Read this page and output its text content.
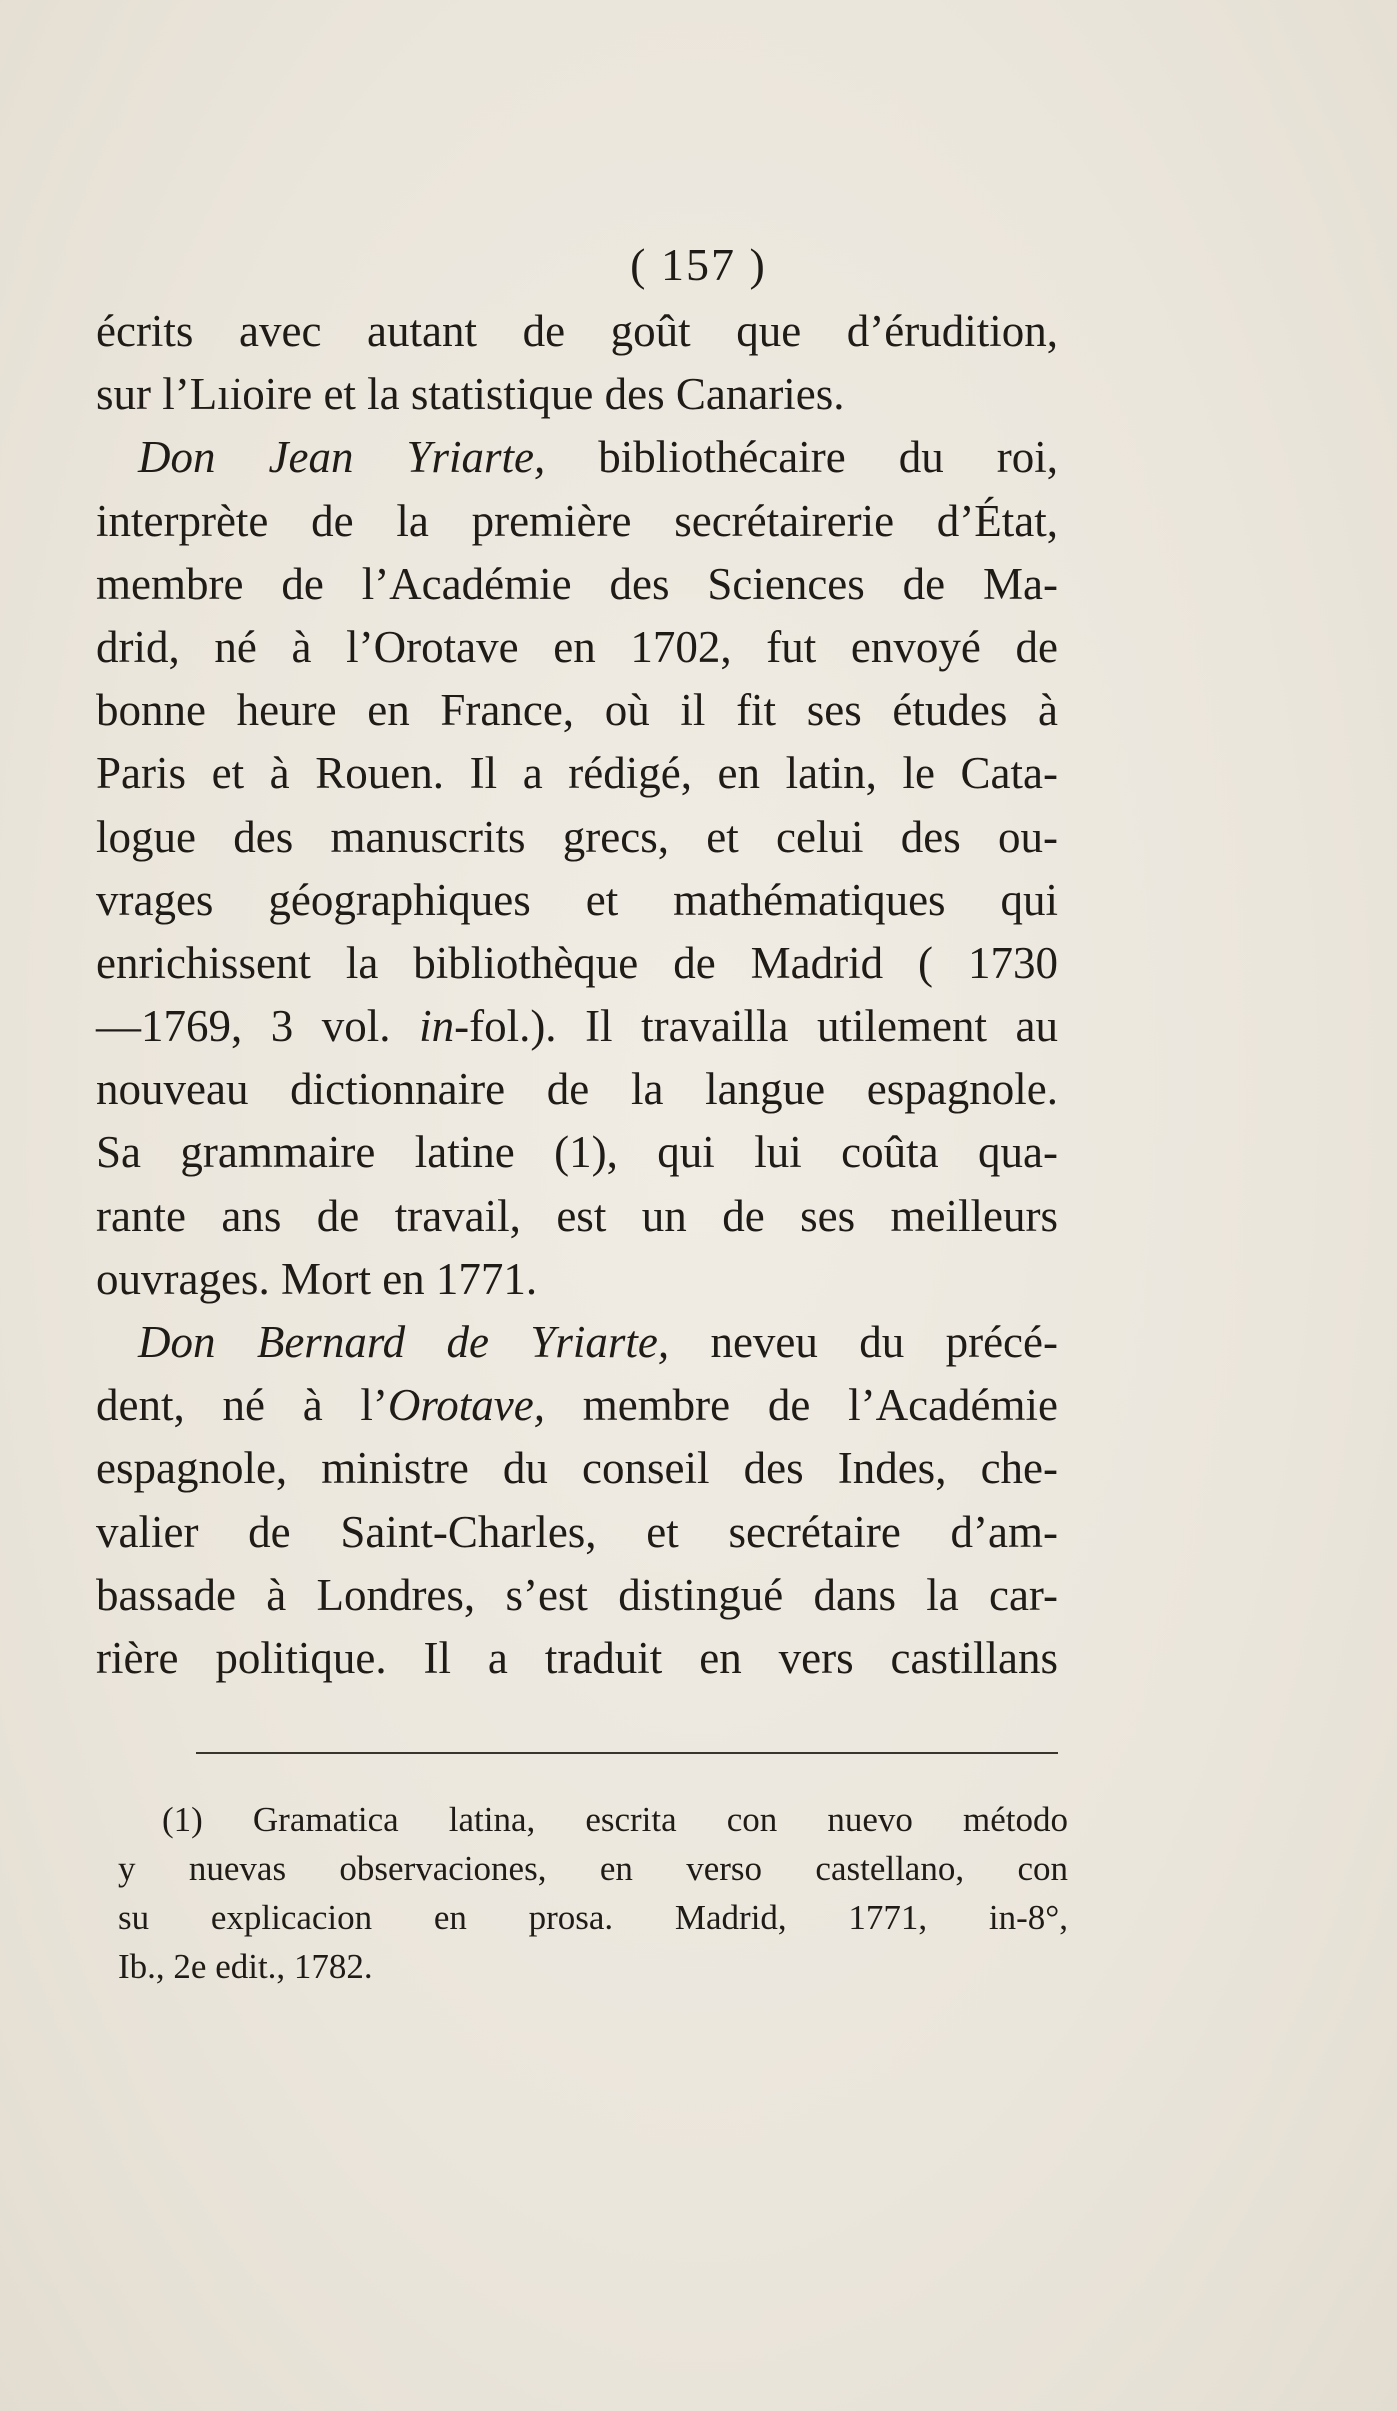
( 157 )
écrits avec autant de goût que d’érudition,
sur l’Lı͘ıoire et la statistique des Canaries.
Don Jean Yriarte, bibliothécaire du roi,
interprète de la première secrétairerie d’État,
membre de l’Académie des Sciences de Ma-
drid, né à l’Orotave en 1702, fut envoyé de
bonne heure en France, où il fit ses études à
Paris et à Rouen. Il a rédigé, en latin, le Cata-
logue des manuscrits grecs, et celui des ou-
vrages géographiques et mathématiques qui
enrichissent la bibliothèque de Madrid ( 1730
—1769, 3 vol. in-fol.). Il travailla utilement au
nouveau dictionnaire de la langue espagnole.
Sa grammaire latine (1), qui lui coûta qua-
rante ans de travail, est un de ses meilleurs
ouvrages. Mort en 1771.
Don Bernard de Yriarte, neveu du précé-
dent, né à l’Orotave, membre de l’Académie
espagnole, ministre du conseil des Indes, che-
valier de Saint-Charles, et secrétaire d’am-
bassade à Londres, s’est distingué dans la car-
rière politique. Il a traduit en vers castillans
(1) Gramatica latina, escrita con nuevo método
y nuevas observaciones, en verso castellano, con
su explicacion en prosa. Madrid, 1771, in-8°,
Ib., 2e edit., 1782.
